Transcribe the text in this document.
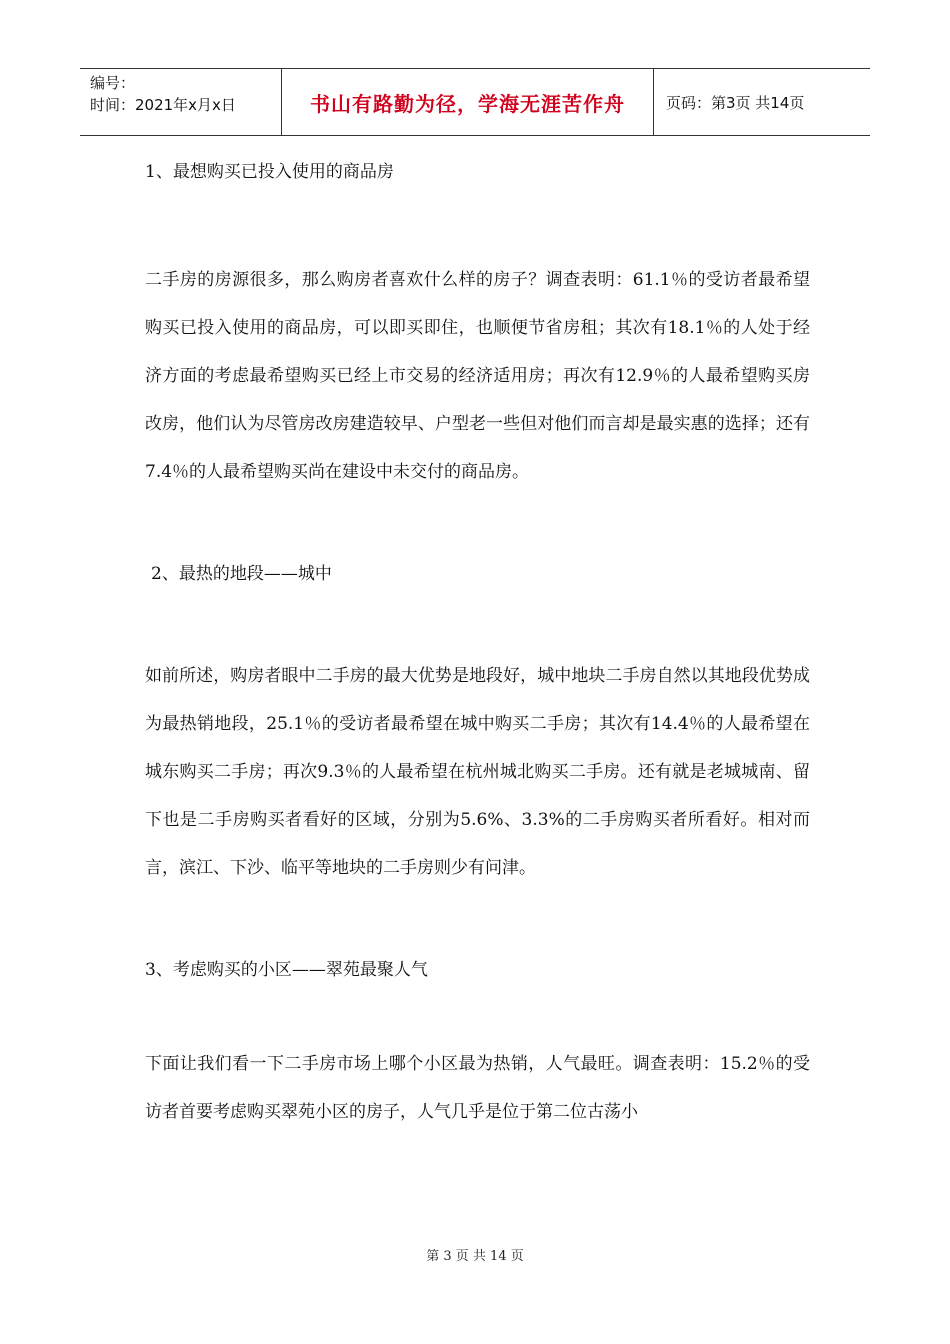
编号：
时间：2021年x月x日	书山有路勤为径，学海无涯苦作舟	页码：第3页 共14页

1、最想购买已投入使用的商品房

二手房的房源很多，那么购房者喜欢什么样的房子？调查表明：61.1％的受访者最希望购买已投入使用的商品房，可以即买即住，也顺便节省房租；其次有18.1％的人处于经济方面的考虑最希望购买已经上市交易的经济适用房；再次有12.9％的人最希望购买房改房，他们认为尽管房改房建造较早、户型老一些但对他们而言却是最实惠的选择；还有7.4％的人最希望购买尚在建设中未交付的商品房。

2、最热的地段——城中

如前所述，购房者眼中二手房的最大优势是地段好，城中地块二手房自然以其地段优势成为最热销地段，25.1％的受访者最希望在城中购买二手房；其次有14.4％的人最希望在城东购买二手房；再次9.3％的人最希望在杭州城北购买二手房。还有就是老城城南、留下也是二手房购买者看好的区域，分别为5.6%、3.3%的二手房购买者所看好。相对而言，滨江、下沙、临平等地块的二手房则少有问津。

3、考虑购买的小区——翠苑最聚人气

下面让我们看一下二手房市场上哪个小区最为热销，人气最旺。调查表明：15.2％的受访者首要考虑购买翠苑小区的房子，人气几乎是位于第二位古荡小

第 3 页 共 14 页
